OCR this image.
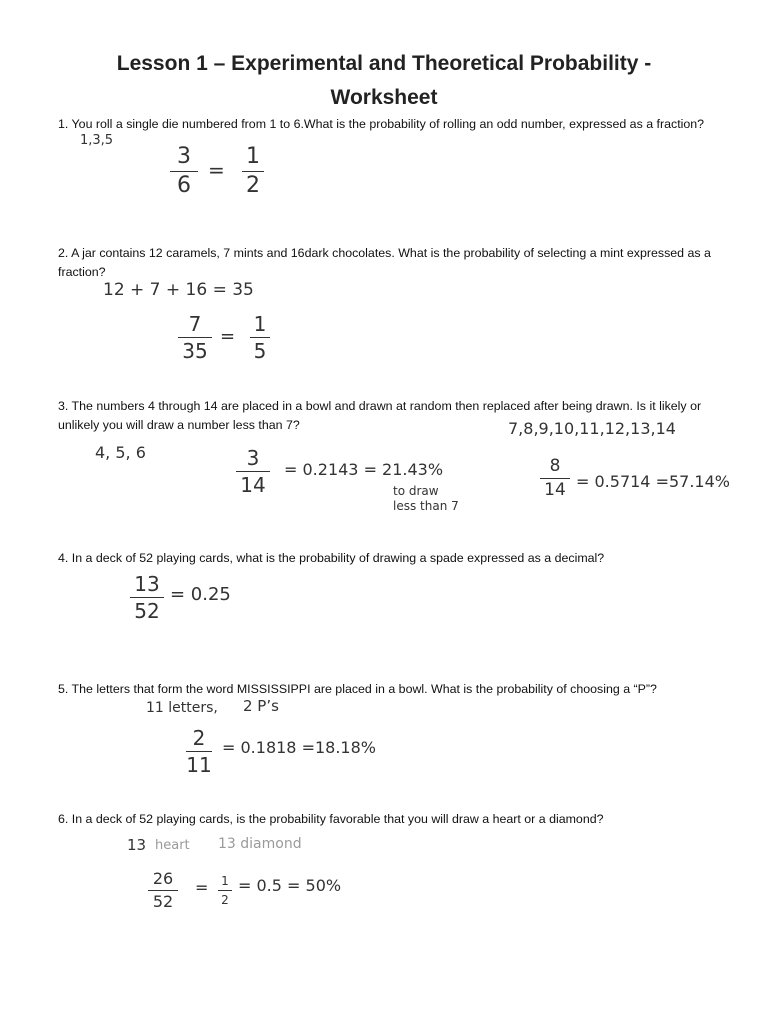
Lesson 1 – Experimental and Theoretical Probability -
Worksheet
1. You roll a single die numbered from 1 to 6.What is the probability of rolling an odd number, expressed as a fraction?
1,3,5
3
6
=
1
2
2. A jar contains 12 caramels, 7 mints and 16dark chocolates. What is the probability of selecting a mint expressed as a
fraction?
12 + 7 + 16 = 35
7
35
=
1
5
3. The numbers 4 through 14 are placed in a bowl and drawn at random then replaced after being drawn. Is it likely or
unlikely you will draw a number less than 7?	7,8,9,10,11,12,13,14
4, 5, 6	3
14
= 0.2143 = 21.43%
to draw
less than 7
8
14 = 0.5714 =57.14%
4. In a deck of 52 playing cards, what is the probability of drawing a spade expressed as a decimal?
13
52
= 0.25
5. The letters that form the word MISSISSIPPI are placed in a bowl. What is the probability of choosing a “P”?
11 letters, 2 P’s
2
11
= 0.1818 =18.18%
6. In a deck of 52 playing cards, is the probability favorable that you will draw a heart or a diamond?
13 heart 13 diamond
26
52
= 1
2
= 0.5 = 50%
